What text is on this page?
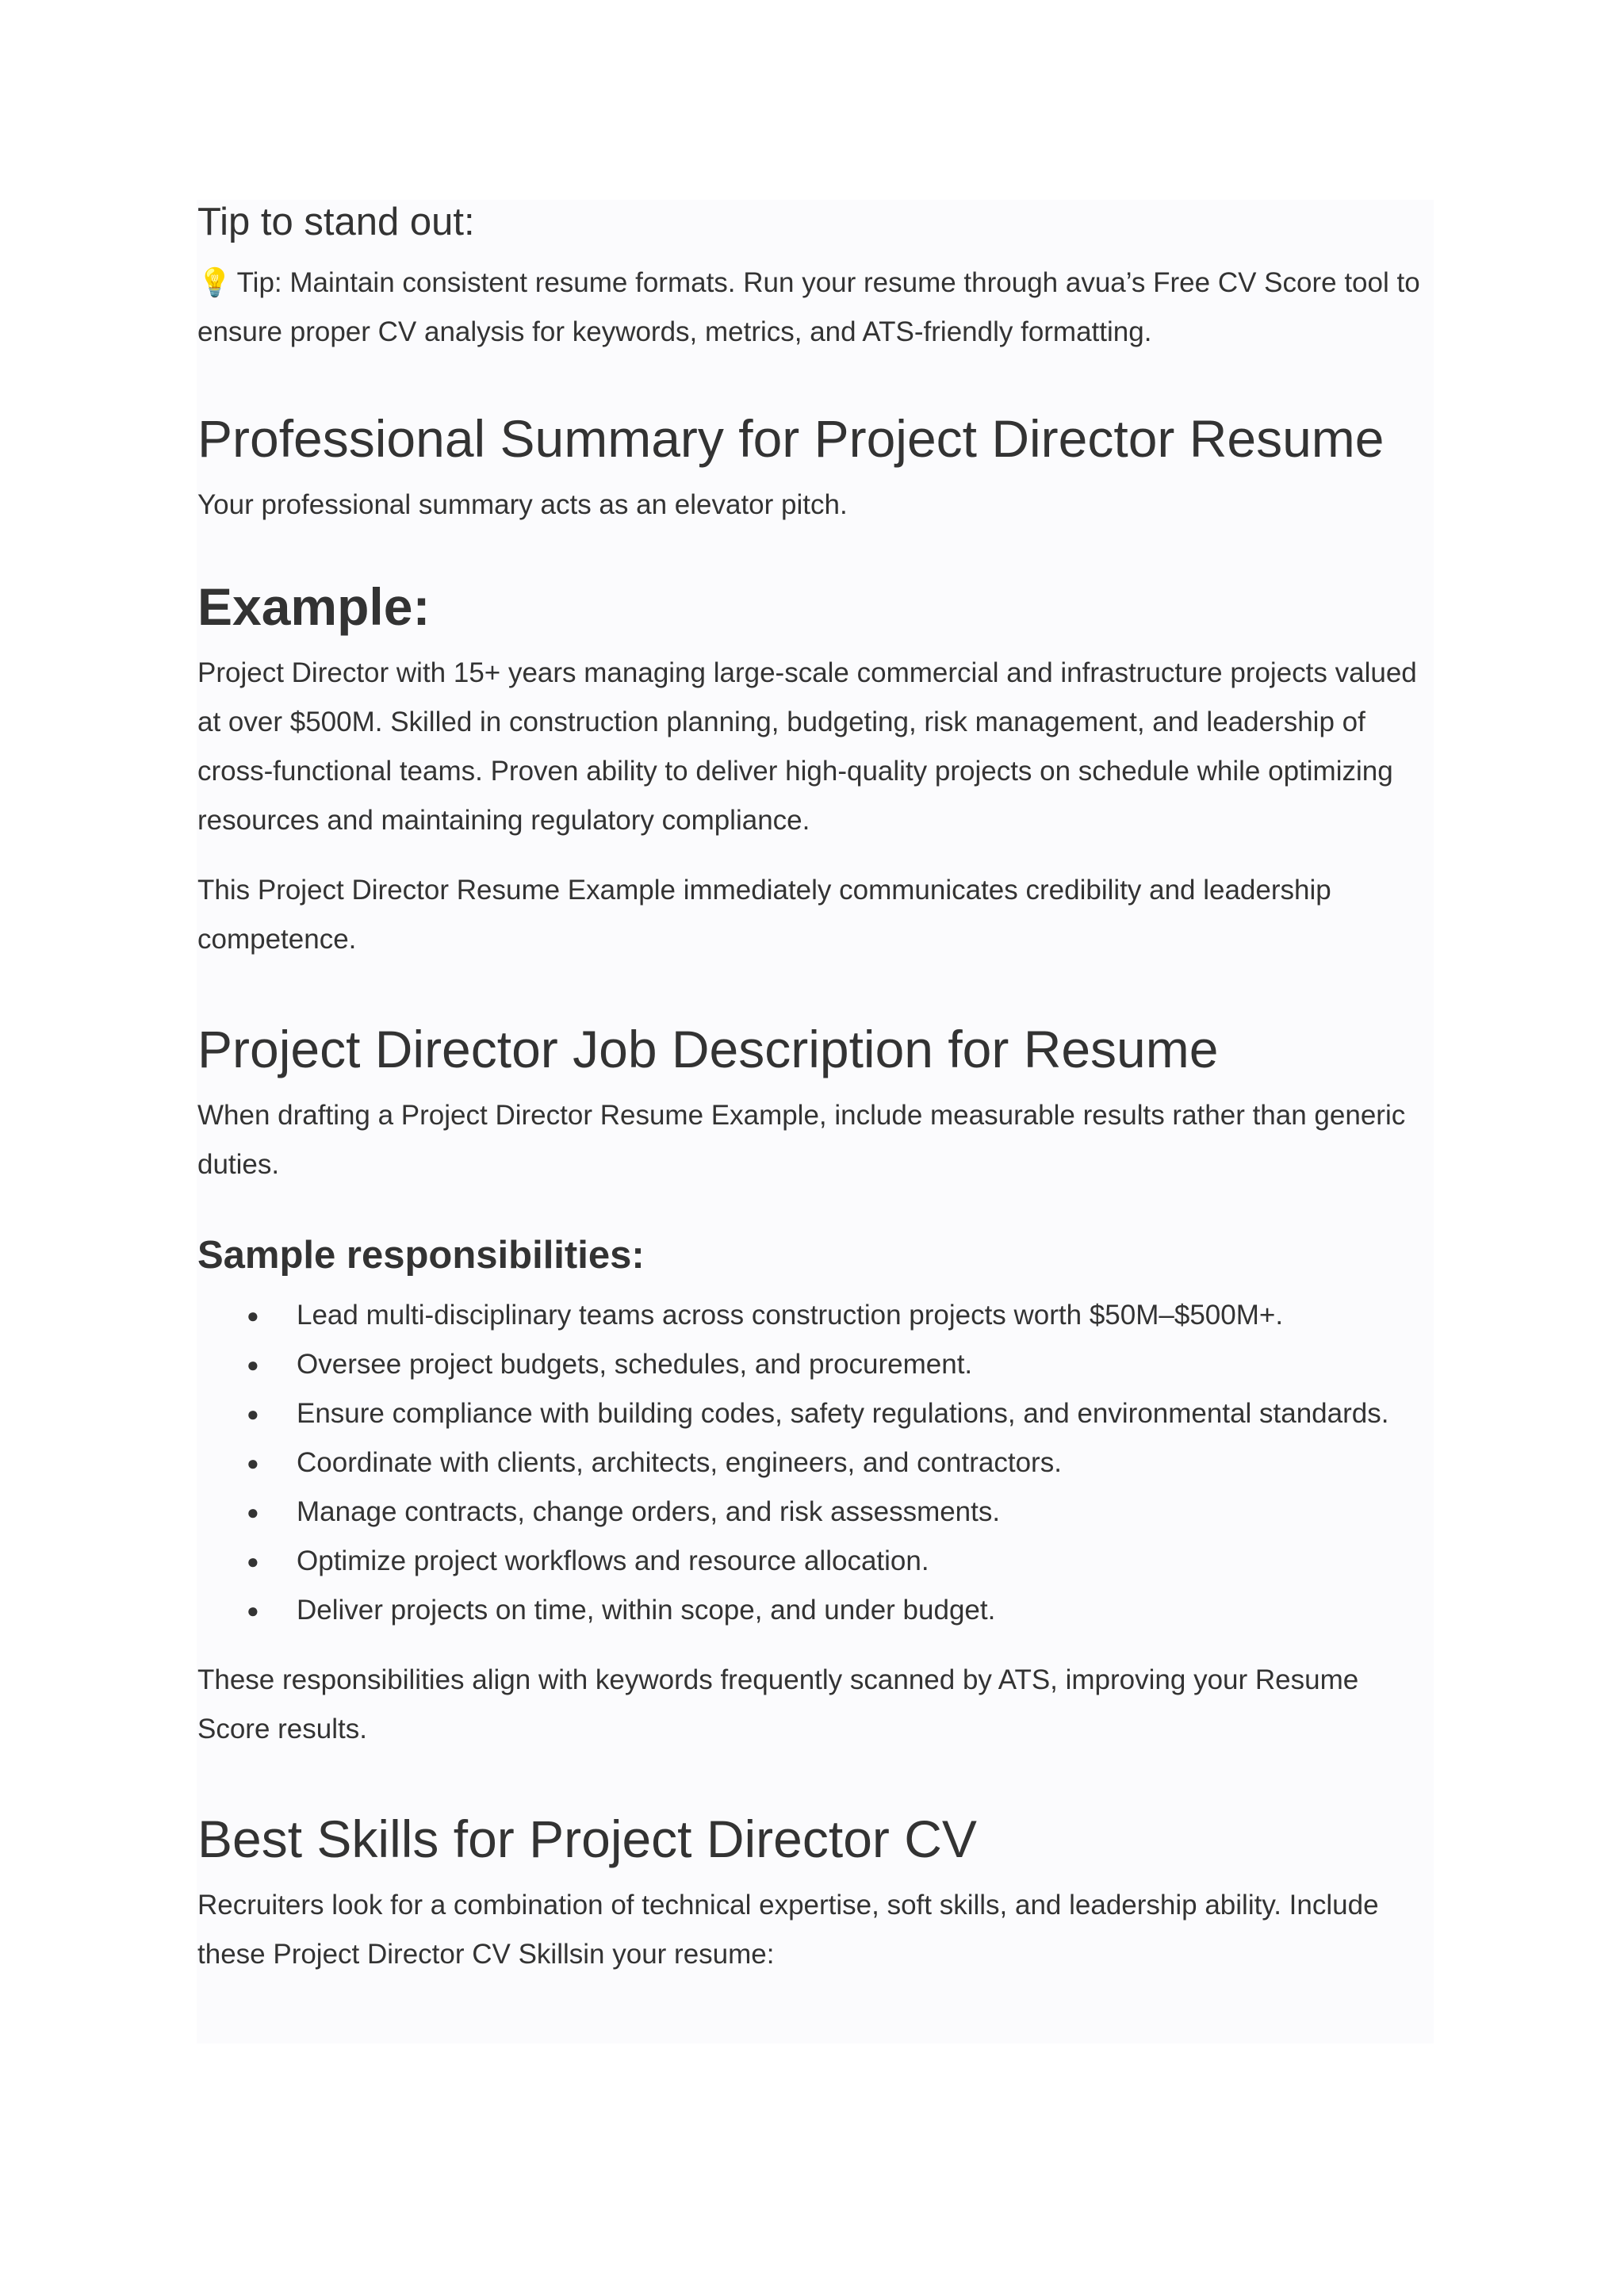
Tip to stand out:

💡 Tip: Maintain consistent resume formats. Run your resume through avua’s Free CV Score tool to ensure proper CV analysis for keywords, metrics, and ATS-friendly formatting.

Professional Summary for Project Director Resume

Your professional summary acts as an elevator pitch.

Example:

Project Director with 15+ years managing large-scale commercial and infrastructure projects valued at over $500M. Skilled in construction planning, budgeting, risk management, and leadership of cross-functional teams. Proven ability to deliver high-quality projects on schedule while optimizing resources and maintaining regulatory compliance.

This Project Director Resume Example immediately communicates credibility and leadership competence.

Project Director Job Description for Resume

When drafting a Project Director Resume Example, include measurable results rather than generic duties.

Sample responsibilities:
● Lead multi-disciplinary teams across construction projects worth $50M–$500M+.
● Oversee project budgets, schedules, and procurement.
● Ensure compliance with building codes, safety regulations, and environmental standards.
● Coordinate with clients, architects, engineers, and contractors.
● Manage contracts, change orders, and risk assessments.
● Optimize project workflows and resource allocation.
● Deliver projects on time, within scope, and under budget.

These responsibilities align with keywords frequently scanned by ATS, improving your Resume Score results.

Best Skills for Project Director CV

Recruiters look for a combination of technical expertise, soft skills, and leadership ability. Include these Project Director CV Skillsin your resume:
